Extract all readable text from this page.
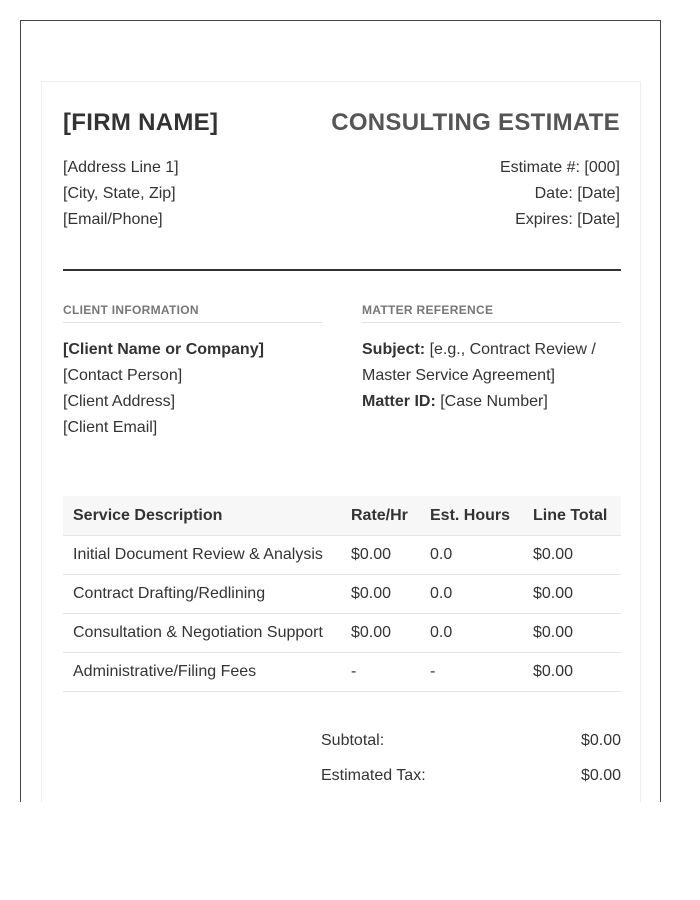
[FIRM NAME]	CONSULTING ESTIMATE
[Address Line 1]
[City, State, Zip]
[Email/Phone]
Estimate #: [000]
Date: [Date]
Expires: [Date]
CLIENT INFORMATION	MATTER REFERENCE
[Client Name or Company]
[Contact Person]
[Client Address]
[Client Email]
Subject: [e.g., Contract Review / Master Service Agreement]
Matter ID: [Case Number]
Service Description	Rate/Hr	Est. Hours	Line Total
Initial Document Review & Analysis	$0.00	0.0	$0.00
Contract Drafting/Redlining	$0.00	0.0	$0.00
Consultation & Negotiation Support	$0.00	0.0	$0.00
Administrative/Filing Fees	-	-	$0.00
Subtotal:	$0.00
Estimated Tax:	$0.00
